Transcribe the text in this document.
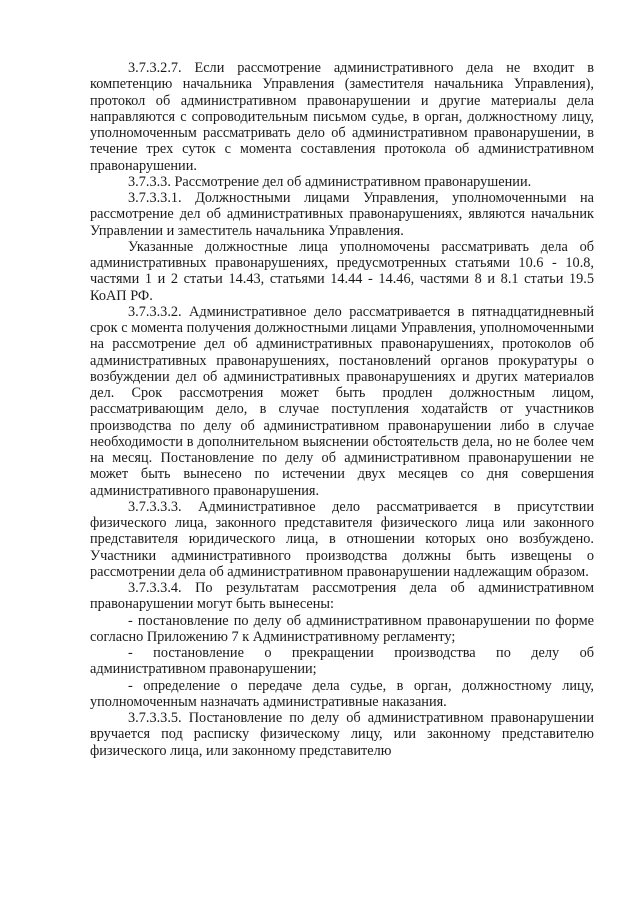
3.7.3.2.7. Если рассмотрение административного дела не входит в компетенцию начальника Управления (заместителя начальника Управления), протокол об административном правонарушении и другие материалы дела направляются с сопроводительным письмом судье, в орган, должностному лицу, уполномоченным рассматривать дело об административном правонарушении, в течение трех суток с момента составления протокола об административном правонарушении.

3.7.3.3. Рассмотрение дел об административном правонарушении.

3.7.3.3.1. Должностными лицами Управления, уполномоченными на рассмотрение дел об административных правонарушениях, являются начальник Управлении и заместитель начальника Управления.

Указанные должностные лица уполномочены рассматривать дела об административных правонарушениях, предусмотренных статьями 10.6 - 10.8, частями 1 и 2 статьи 14.43, статьями 14.44 - 14.46, частями 8 и 8.1 статьи 19.5 КоАП РФ.

3.7.3.3.2. Административное дело рассматривается в пятнадцатидневный срок с момента получения должностными лицами Управления, уполномоченными на рассмотрение дел об административных правонарушениях, протоколов об административных правонарушениях, постановлений органов прокуратуры о возбуждении дел об административных правонарушениях и других материалов дел. Срок рассмотрения может быть продлен должностным лицом, рассматривающим дело, в случае поступления ходатайств от участников производства по делу об административном правонарушении либо в случае необходимости в дополнительном выяснении обстоятельств дела, но не более чем на месяц. Постановление по делу об административном правонарушении не может быть вынесено по истечении двух месяцев со дня совершения административного правонарушения.

3.7.3.3.3. Административное дело рассматривается в присутствии физического лица, законного представителя физического лица или законного представителя юридического лица, в отношении которых оно возбуждено. Участники административного производства должны быть извещены о рассмотрении дела об административном правонарушении надлежащим образом.

3.7.3.3.4. По результатам рассмотрения дела об административном правонарушении могут быть вынесены:

- постановление по делу об административном правонарушении по форме согласно Приложению 7 к Административному регламенту;

- постановление о прекращении производства по делу об административном правонарушении;

- определение о передаче дела судье, в орган, должностному лицу, уполномоченным назначать административные наказания.

3.7.3.3.5. Постановление по делу об административном правонарушении вручается под расписку физическому лицу, или законному представителю физического лица, или законному представителю
